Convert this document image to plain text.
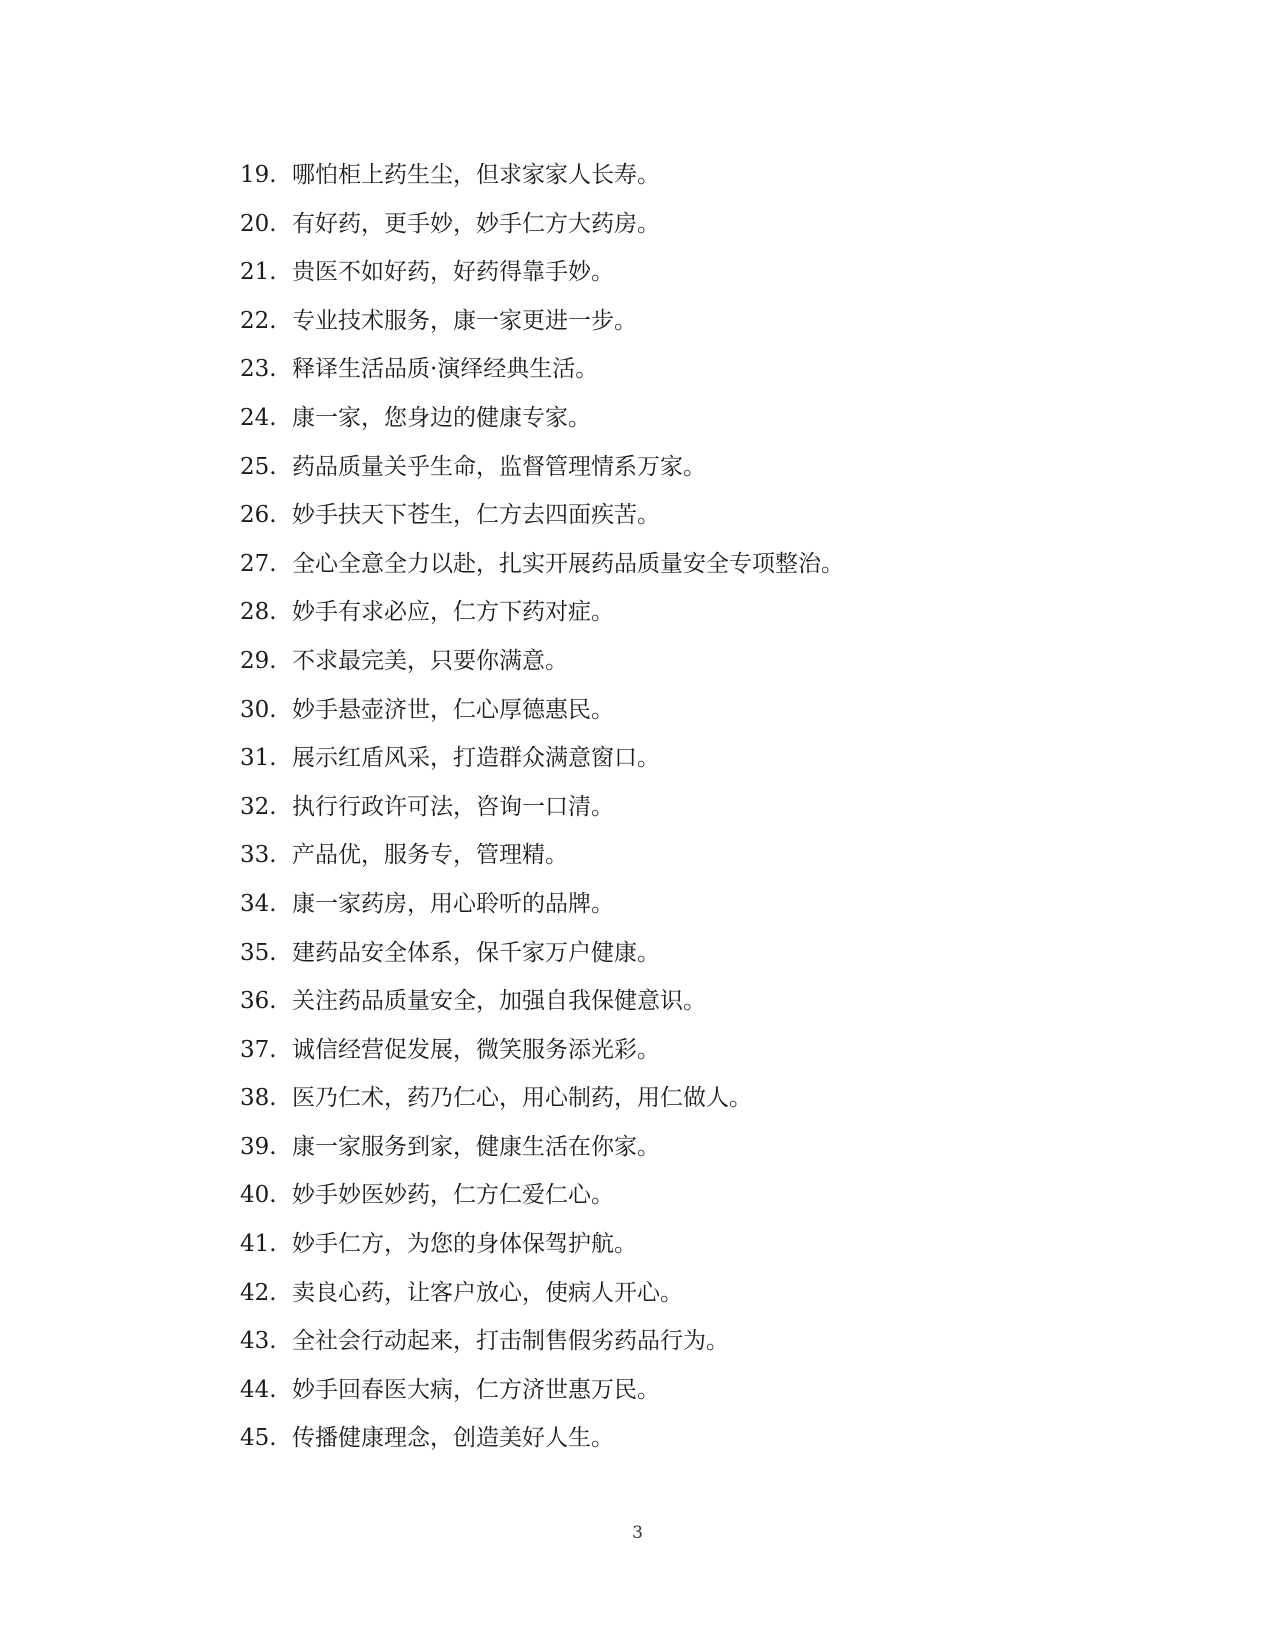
19. 哪怕柜上药生尘，但求家家人长寿。
20. 有好药，更手妙，妙手仁方大药房。
21. 贵医不如好药，好药得靠手妙。
22. 专业技术服务，康一家更进一步。
23. 释译生活品质·演绎经典生活。
24. 康一家，您身边的健康专家。
25. 药品质量关乎生命，监督管理情系万家。
26. 妙手扶天下苍生，仁方去四面疾苦。
27. 全心全意全力以赴，扎实开展药品质量安全专项整治。
28. 妙手有求必应，仁方下药对症。
29. 不求最完美，只要你满意。
30. 妙手悬壶济世，仁心厚德惠民。
31. 展示红盾风采，打造群众满意窗口。
32. 执行行政许可法，咨询一口清。
33. 产品优，服务专，管理精。
34. 康一家药房，用心聆听的品牌。
35. 建药品安全体系，保千家万户健康。
36. 关注药品质量安全，加强自我保健意识。
37. 诚信经营促发展，微笑服务添光彩。
38. 医乃仁术，药乃仁心，用心制药，用仁做人。
39. 康一家服务到家，健康生活在你家。
40. 妙手妙医妙药，仁方仁爱仁心。
41. 妙手仁方，为您的身体保驾护航。
42. 卖良心药，让客户放心，使病人开心。
43. 全社会行动起来，打击制售假劣药品行为。
44. 妙手回春医大病，仁方济世惠万民。
45. 传播健康理念，创造美好人生。
3
